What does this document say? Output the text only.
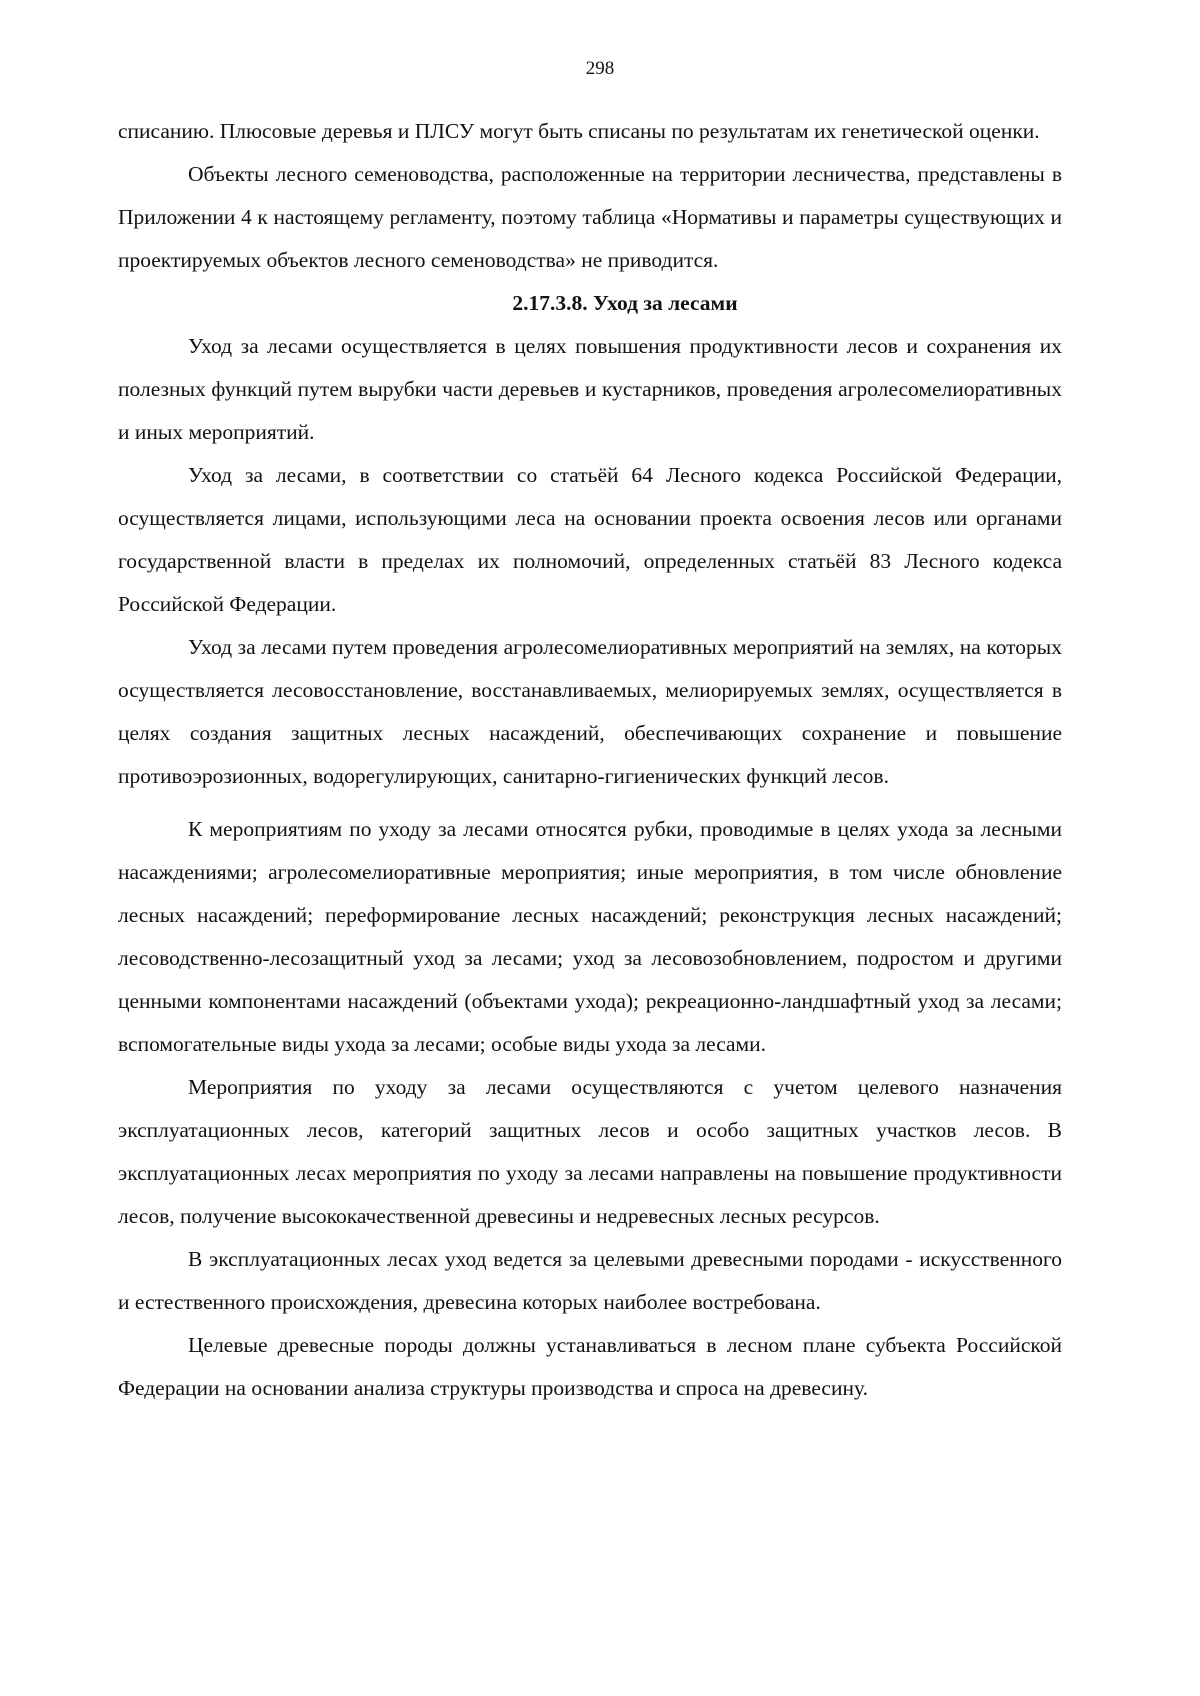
298

списанию. Плюсовые деревья и ПЛСУ могут быть списаны по результатам их генетической оценки.

Объекты лесного семеноводства, расположенные на территории лесничества, представлены в Приложении 4 к настоящему регламенту, поэтому таблица «Нормативы и параметры существующих и проектируемых объектов лесного семеноводства» не приводится.

2.17.3.8. Уход за лесами

Уход за лесами осуществляется в целях повышения продуктивности лесов и сохранения их полезных функций путем вырубки части деревьев и кустарников, проведения агролесомелиоративных и иных мероприятий.

Уход за лесами, в соответствии со статьёй 64 Лесного кодекса Российской Федерации, осуществляется лицами, использующими леса на основании проекта освоения лесов или органами государственной власти в пределах их полномочий, определенных статьёй 83 Лесного кодекса Российской Федерации.

Уход за лесами путем проведения агролесомелиоративных мероприятий на землях, на которых осуществляется лесовосстановление, восстанавливаемых, мелиорируемых землях, осуществляется в целях создания защитных лесных насаждений, обеспечивающих сохранение и повышение противоэрозионных, водорегулирующих, санитарно-гигиенических функций лесов.

К мероприятиям по уходу за лесами относятся рубки, проводимые в целях ухода за лесными насаждениями; агролесомелиоративные мероприятия; иные мероприятия, в том числе обновление лесных насаждений; переформирование лесных насаждений; реконструкция лесных насаждений; лесоводственно-лесозащитный уход за лесами; уход за лесовозобновлением, подростом и другими ценными компонентами насаждений (объектами ухода); рекреационно-ландшафтный уход за лесами; вспомогательные виды ухода за лесами; особые виды ухода за лесами.

Мероприятия по уходу за лесами осуществляются с учетом целевого назначения эксплуатационных лесов, категорий защитных лесов и особо защитных участков лесов. В эксплуатационных лесах мероприятия по уходу за лесами направлены на повышение продуктивности лесов, получение высококачественной древесины и недревесных лесных ресурсов.

В эксплуатационных лесах уход ведется за целевыми древесными породами - искусственного и естественного происхождения, древесина которых наиболее востребована.

Целевые древесные породы должны устанавливаться в лесном плане субъекта Российской Федерации на основании анализа структуры производства и спроса на древесину.
